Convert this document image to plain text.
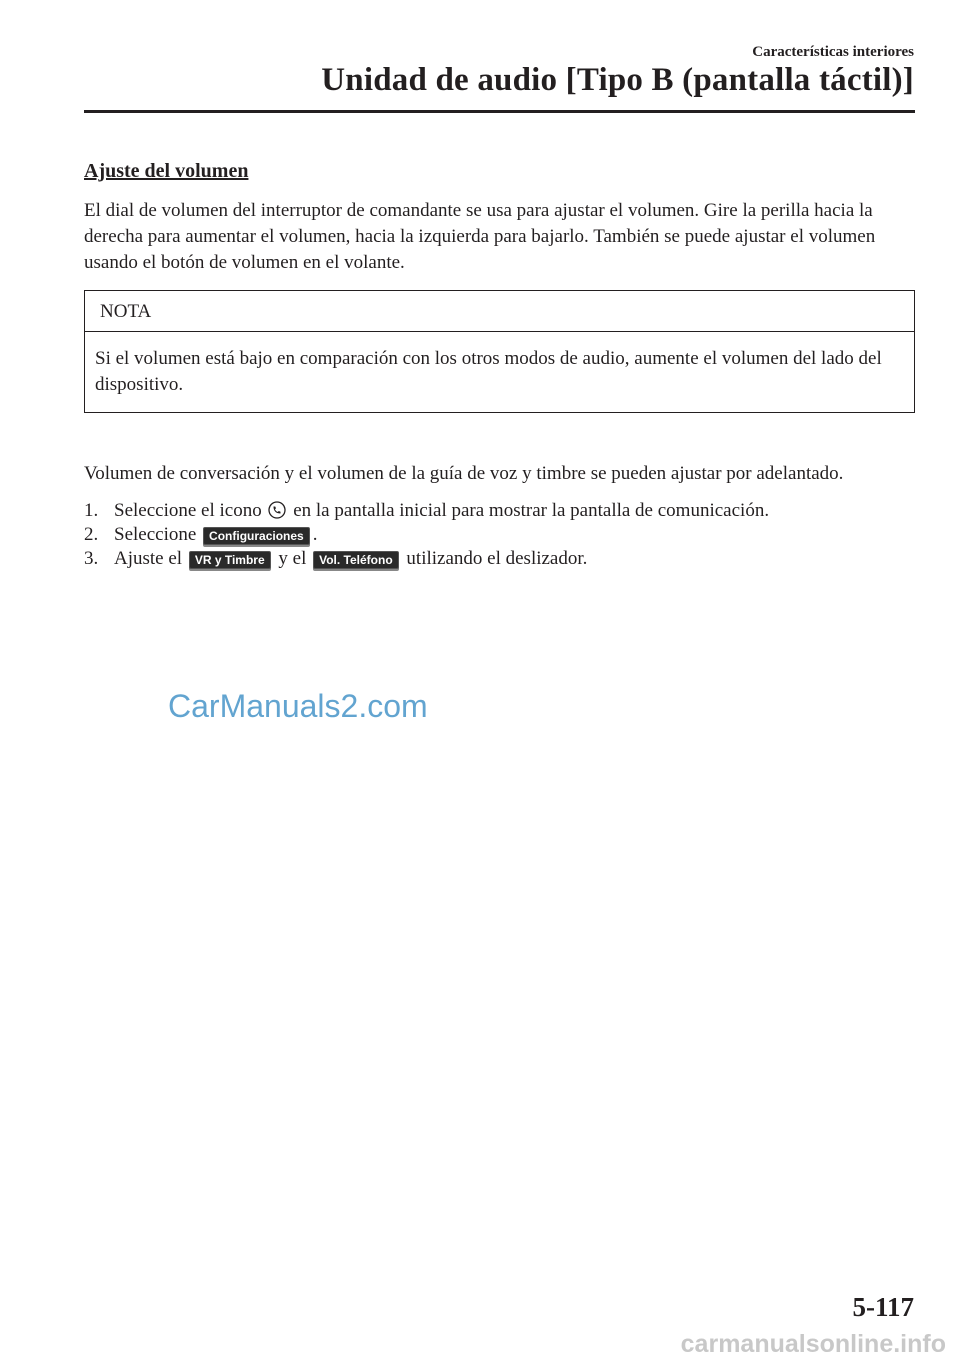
Características interiores
Unidad de audio [Tipo B (pantalla táctil)]
Ajuste del volumen

El dial de volumen del interruptor de comandante se usa para ajustar el volumen. Gire la perilla hacia la derecha para aumentar el volumen, hacia la izquierda para bajarlo. También se puede ajustar el volumen usando el botón de volumen en el volante.

NOTA
Si el volumen está bajo en comparación con los otros modos de audio, aumente el volumen del lado del dispositivo.

Volumen de conversación y el volumen de la guía de voz y timbre se pueden ajustar por adelantado.

1. Seleccione el icono en la pantalla inicial para mostrar la pantalla de comunicación.
2. Seleccione Configuraciones .
3. Ajuste el VR y Timbre y el Vol. Teléfono utilizando el deslizador.
CarManuals2.com
5-117
carmanualsonline.info
